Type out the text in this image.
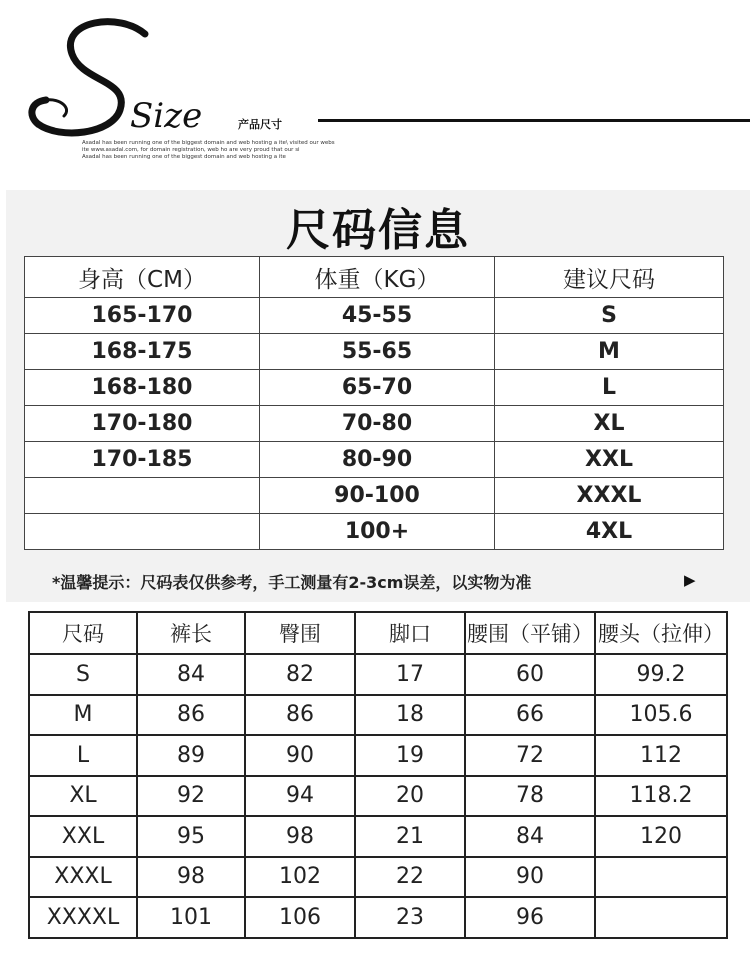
Size	产品尺寸
Asadal has been running one of the biggest domain and web hosting a ite\ visited our webs
ite www.asadal.com, for domain registration, web ho are very proud that our si
Asadal has been running one of the biggest domain and web hosting a ite
尺码信息
身高（CM）	体重（KG）	建议尺码
165-170	45-55	S
168-175	55-65	M
168-180	65-70	L
170-180	70-80	XL
170-185	80-90	XXL
	90-100	XXXL
	100+	4XL
*温馨提示：尺码表仅供参考，手工测量有2-3cm误差，以实物为准	▶
尺码	裤长	臀围	脚口	腰围（平铺）	腰头（拉伸）
S	84	82	17	60	99.2
M	86	86	18	66	105.6
L	89	90	19	72	112
XL	92	94	20	78	118.2
XXL	95	98	21	84	120
XXXL	98	102	22	90	
XXXXL	101	106	23	96	
